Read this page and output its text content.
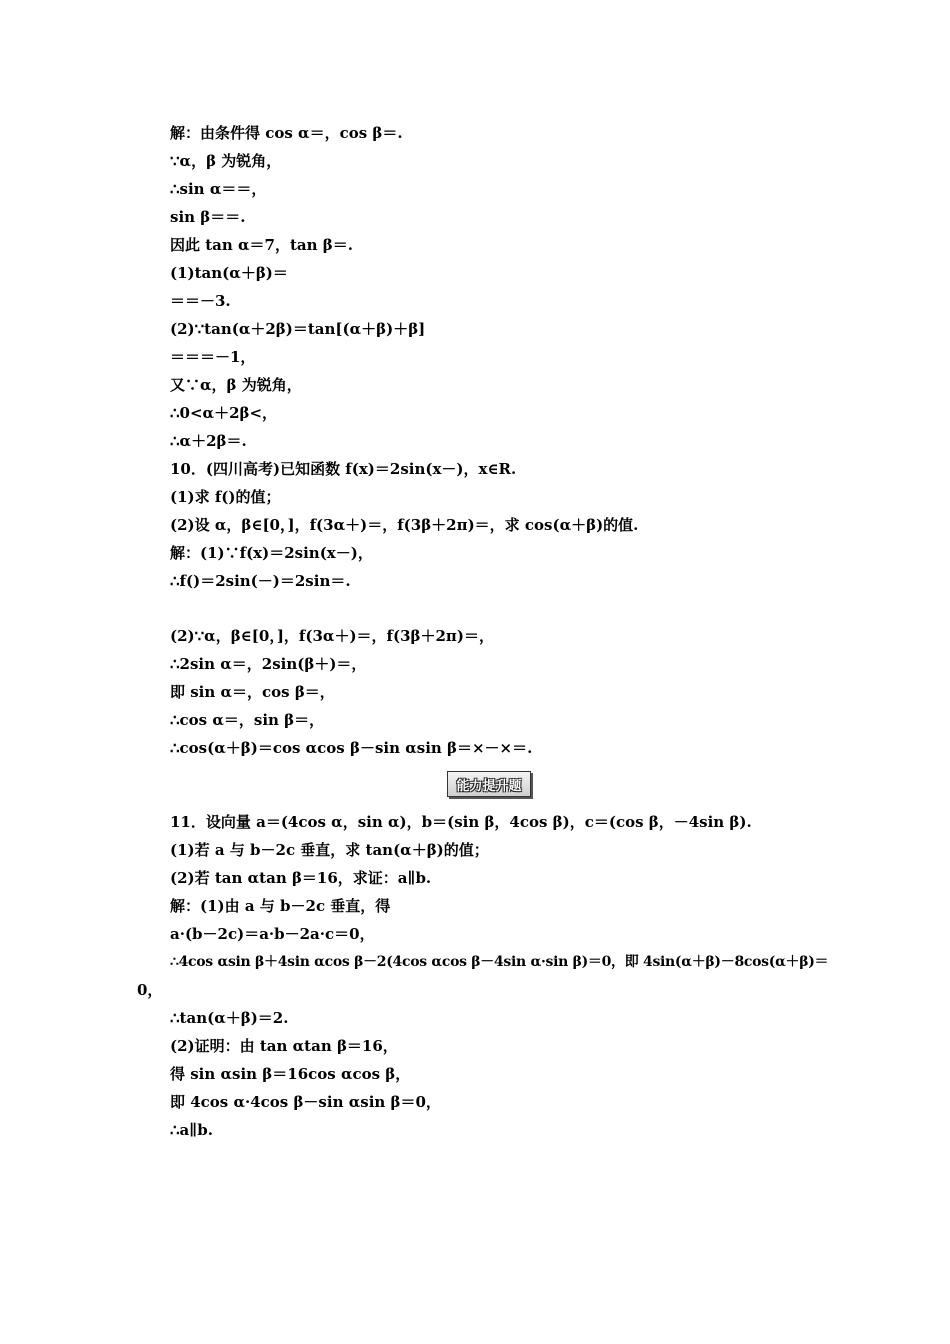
解：由条件得 cos α＝，cos β＝.
∵α，β 为锐角，
∴sin α＝＝，
sin β＝＝.
因此 tan α＝7，tan β＝.
(1)tan(α＋β)＝
＝＝－3.
(2)∵tan(α＋2β)＝tan[(α＋β)＋β]
＝＝＝－1，
又∵α，β 为锐角，
∴0<α＋2β<，
∴α＋2β＝.
10．(四川高考)已知函数 f(x)＝2sin(x－)，x∈R.
(1)求 f()的值；
(2)设 α，β∈[0，]，f(3α＋)＝，f(3β＋2π)＝，求 cos(α＋β)的值.
解：(1)∵f(x)＝2sin(x－)，
∴f()＝2sin(－)＝2sin＝.
(2)∵α，β∈[0，]，f(3α＋)＝，f(3β＋2π)＝，
∴2sin α＝，2sin(β＋)＝，
即 sin α＝，cos β＝，
∴cos α＝，sin β＝，
∴cos(α＋β)＝cos αcos β－sin αsin β＝×－×＝.
能力提升题
11．设向量 a＝(4cos α，sin α)，b＝(sin β，4cos β)，c＝(cos β，－4sin β).
(1)若 a 与 b－2c 垂直，求 tan(α＋β)的值；
(2)若 tan αtan β＝16，求证：a∥b.
解：(1)由 a 与 b－2c 垂直，得
a·(b－2c)＝a·b－2a·c＝0，
∴4cos αsin β＋4sin αcos β－2(4cos αcos β－4sin α·sin β)＝0，即 4sin(α＋β)－8cos(α＋β)＝
0，
∴tan(α＋β)＝2.
(2)证明：由 tan αtan β＝16，
得 sin αsin β＝16cos αcos β，
即 4cos α·4cos β－sin αsin β＝0，
∴a∥b.
